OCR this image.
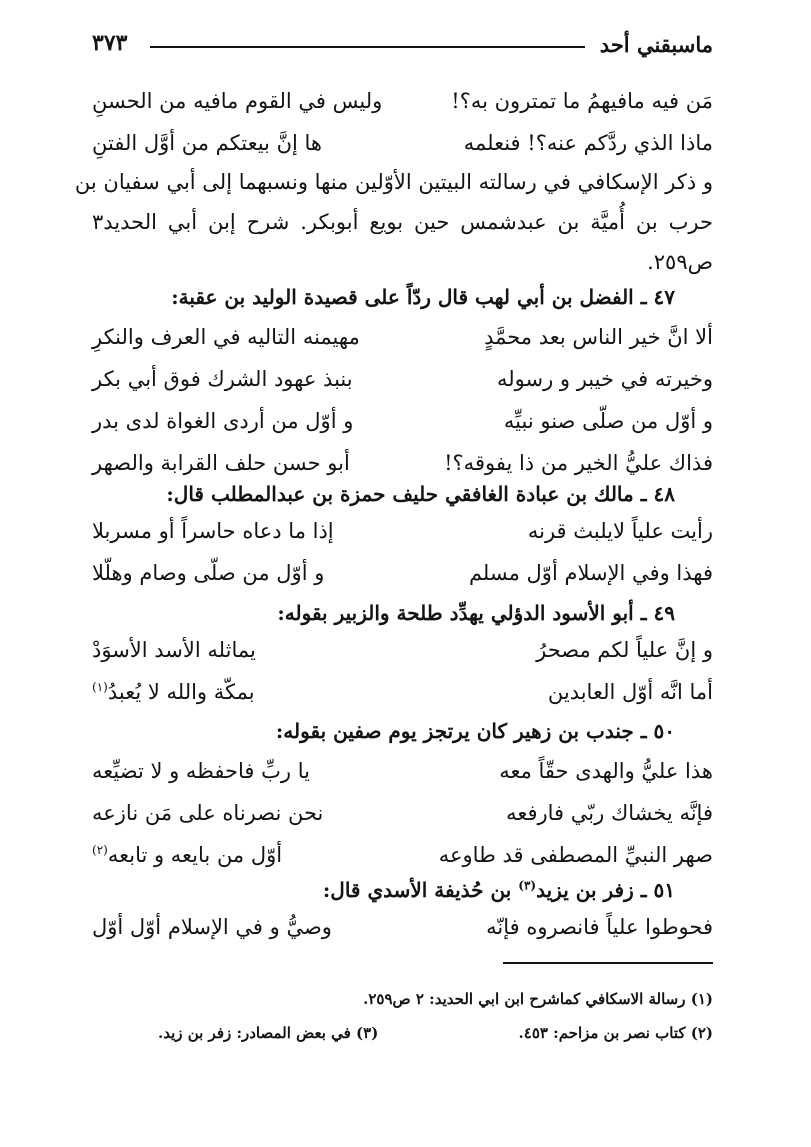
ماسبقني أحد
٣٧٣
مَن فيه مافيهمُ ما تمترون به؟!
وليس في القوم مافيه من الحسنِ
ماذا الذي ردَّكم عنه؟! فنعلمه
ها إنَّ بيعتكم من أوَّل الفتنِ
و ذكر الإسكافي في رسالته البيتين الأوّلين منها ونسبهما إلى أبي سفيان بن
حرب بن أُميَّة بن عبدشمس حين بويع أبوبكر. شرح إبن أبي الحديد٣
ص٢٥٩.
٤٧ ـ الفضل بن أبي لهب قال ردّاً على قصيدة الوليد بن عقبة:
ألا انَّ خير الناس بعد محمَّدٍ
مهيمنه التاليه في العرف والنكرِ
وخيرته في خيبر و رسوله
بنبذ عهود الشرك فوق أبي بكر
و أوّل من صلّى صنو نبيِّه
و أوّل من أردى الغواة لدى بدر
فذاك عليُّ الخير من ذا يفوقه؟!
أبو حسن حلف القرابة والصهر
٤٨ ـ مالك بن عبادة الغافقي حليف حمزة بن عبدالمطلب قال:
رأيت علياً لايلبث قرنه
إذا ما دعاه حاسراً أو مسربلا
فهذا وفي الإسلام أوّل مسلم
و أوّل من صلّى وصام وهلّلا
٤٩ ـ أبو الأسود الدؤلي يهدِّد طلحة والزبير بقوله:
و إنَّ علياً لكم مصحرُ
يماثله الأسد الأسوَدْ
أما انَّه أوّل العابدين
بمكّة والله لا يُعبدُ$^{(١)}$
٥٠ ـ جندب بن زهير كان يرتجز يوم صفين بقوله:
هذا عليُّ والهدى حقّاً معه
يا ربِّ فاحفظه و لا تضيِّعه
فإنَّه يخشاك ربّي فارفعه
نحن نصرناه على مَن نازعه
صهر النبيِّ المصطفى قد طاوعه
أوّل من بايعه و تابعه$^{(٢)}$
٥١ ـ زفر بن يزيد$^{(٣)}$ بن حُذيفة الأسدي قال:
فحوطوا علياً فانصروه فإنّه
وصيُّ و في الإسلام أوّل أوّل
(١) رسالة الاسكافي كماشرح ابن ابي الحديد: ٢ ص٢٥٩.
(٢) كتاب نصر بن مزاحم: ٤٥٣.
(٣) في بعض المصادر: زفر بن زيد.
